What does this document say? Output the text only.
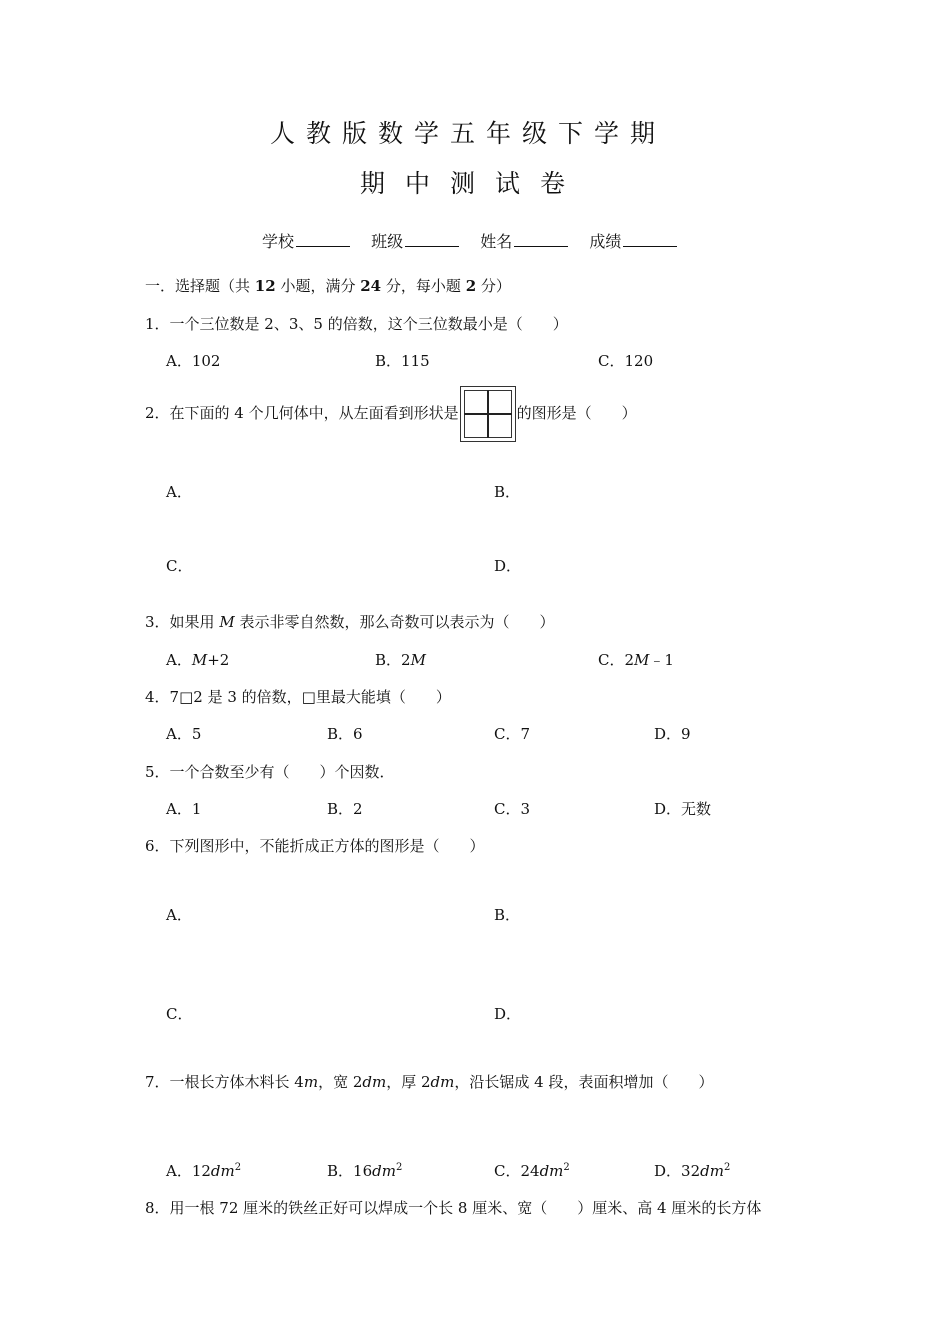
人教版数学五年级下学期
期中测试卷
学校	班级	姓名	成绩
一．选择题（共 12 小题，满分 24 分，每小题 2 分）
1．一个三位数是 2、3、5 的倍数，这个三位数最小是（　　）
A．102	B．115	C．120
2．在下面的 4 个几何体中，从左面看到形状是	的图形是（　　）
A．	B．
C．	D．
3．如果用 M 表示非零自然数，那么奇数可以表示为（　　）
A．M+2	B．2M	C．2M﹣1
4．7□2 是 3 的倍数，□里最大能填（　　）
A．5	B．6	C．7	D．9
5．一个合数至少有（　　）个因数．
A．1	B．2	C．3	D．无数
6．下列图形中，不能折成正方体的图形是（　　）
A．	B．
C．	D．
7．一根长方体木料长 4m，宽 2dm，厚 2dm，沿长锯成 4 段，表面积增加（　　）
A．$12dm^2$	B．$16dm^2$	C．$24dm^2$	D．$32dm^2$
8．用一根 72 厘米的铁丝正好可以焊成一个长 8 厘米、宽（　　）厘米、高 4 厘米的长方体
